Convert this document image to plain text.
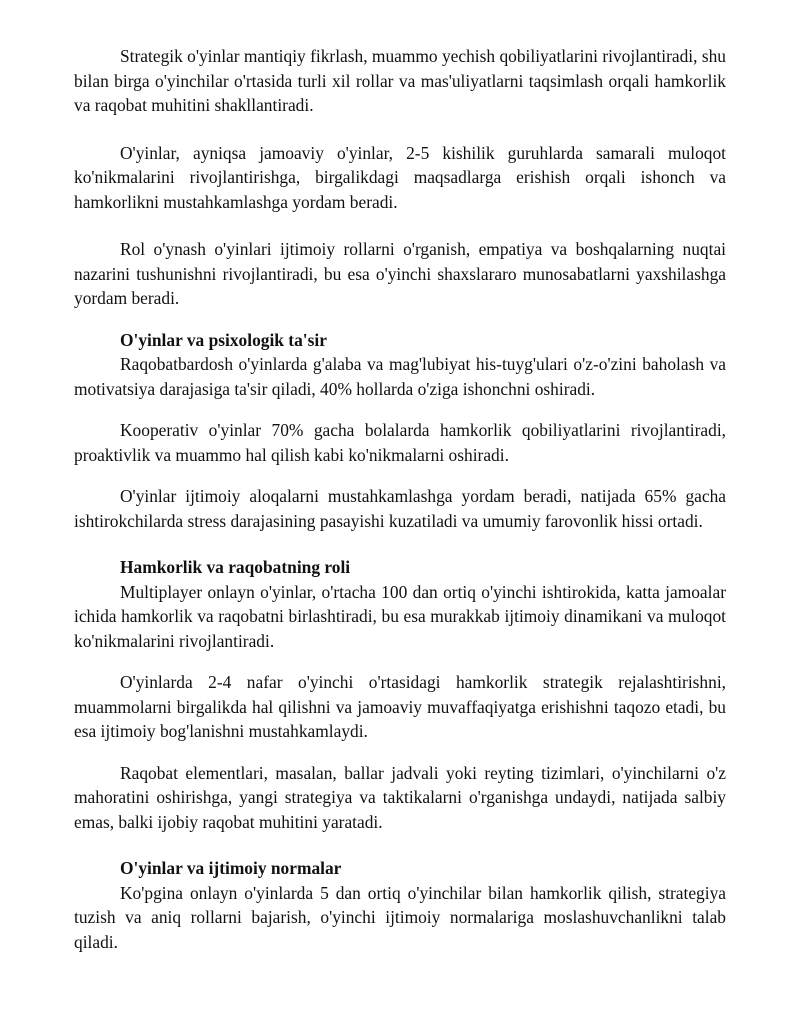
Strategik o'yinlar mantiqiy fikrlash, muammo yechish qobiliyatlarini rivojlantiradi, shu bilan birga o'yinchilar o'rtasida turli xil rollar va mas'uliyatlarni taqsimlash orqali hamkorlik va raqobat muhitini shakllantiradi.

O'yinlar, ayniqsa jamoaviy o'yinlar, 2-5 kishilik guruhlarda samarali muloqot ko'nikmalarini rivojlantirishga, birgalikdagi maqsadlarga erishish orqali ishonch va hamkorlikni mustahkamlashga yordam beradi.

Rol o'ynash o'yinlari ijtimoiy rollarni o'rganish, empatiya va boshqalarning nuqtai nazarini tushunishni rivojlantiradi, bu esa o'yinchi shaxslararo munosabatlarni yaxshilashga yordam beradi.

O'yinlar va psixologik ta'sir

Raqobatbardosh o'yinlarda g'alaba va mag'lubiyat his-tuyg'ulari o'z-o'zini baholash va motivatsiya darajasiga ta'sir qiladi, 40% hollarda o'ziga ishonchni oshiradi.

Kooperativ o'yinlar 70% gacha bolalarda hamkorlik qobiliyatlarini rivojlantiradi, proaktivlik va muammo hal qilish kabi ko'nikmalarni oshiradi.

O'yinlar ijtimoiy aloqalarni mustahkamlashga yordam beradi, natijada 65% gacha ishtirokchilarda stress darajasining pasayishi kuzatiladi va umumiy farovonlik hissi ortadi.

Hamkorlik va raqobatning roli

Multiplayer onlayn o'yinlar, o'rtacha 100 dan ortiq o'yinchi ishtirokida, katta jamoalar ichida hamkorlik va raqobatni birlashtiradi, bu esa murakkab ijtimoiy dinamikani va muloqot ko'nikmalarini rivojlantiradi.

O'yinlarda 2-4 nafar o'yinchi o'rtasidagi hamkorlik strategik rejalashtirishni, muammolarni birgalikda hal qilishni va jamoaviy muvaffaqiyatga erishishni taqozo etadi, bu esa ijtimoiy bog'lanishni mustahkamlaydi.

Raqobat elementlari, masalan, ballar jadvali yoki reyting tizimlari, o'yinchilarni o'z mahoratini oshirishga, yangi strategiya va taktikalarni o'rganishga undaydi, natijada salbiy emas, balki ijobiy raqobat muhitini yaratadi.

O'yinlar va ijtimoiy normalar

Ko'pgina onlayn o'yinlarda 5 dan ortiq o'yinchilar bilan hamkorlik qilish, strategiya tuzish va aniq rollarni bajarish, o'yinchi ijtimoiy normalariga moslashuvchanlikni talab qiladi.
